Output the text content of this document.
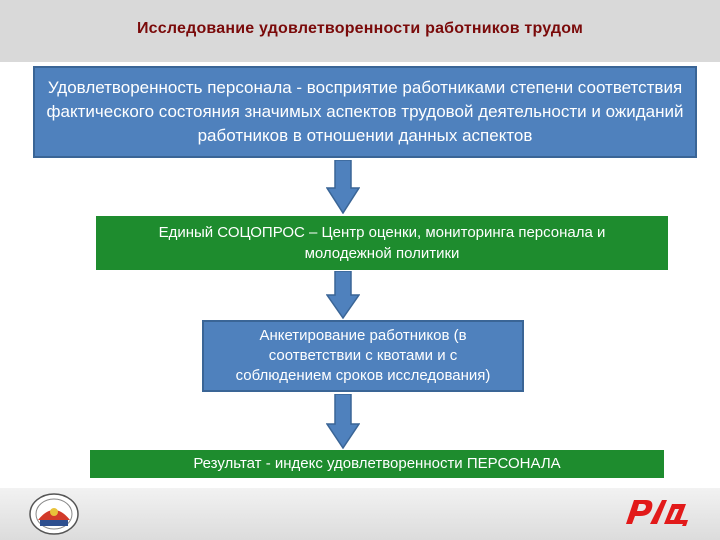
Исследование удовлетворенности работников трудом
Удовлетворенность персонала - восприятие работниками степени соответствия фактического состояния значимых аспектов трудовой деятельности и ожиданий работников в отношении данных аспектов
Единый СОЦОПРОС – Центр оценки, мониторинга персонала и молодежной политики
Анкетирование работников (в соответствии с квотами и с соблюдением сроков исследования)
Результат - индекс удовлетворенности ПЕРСОНАЛА
